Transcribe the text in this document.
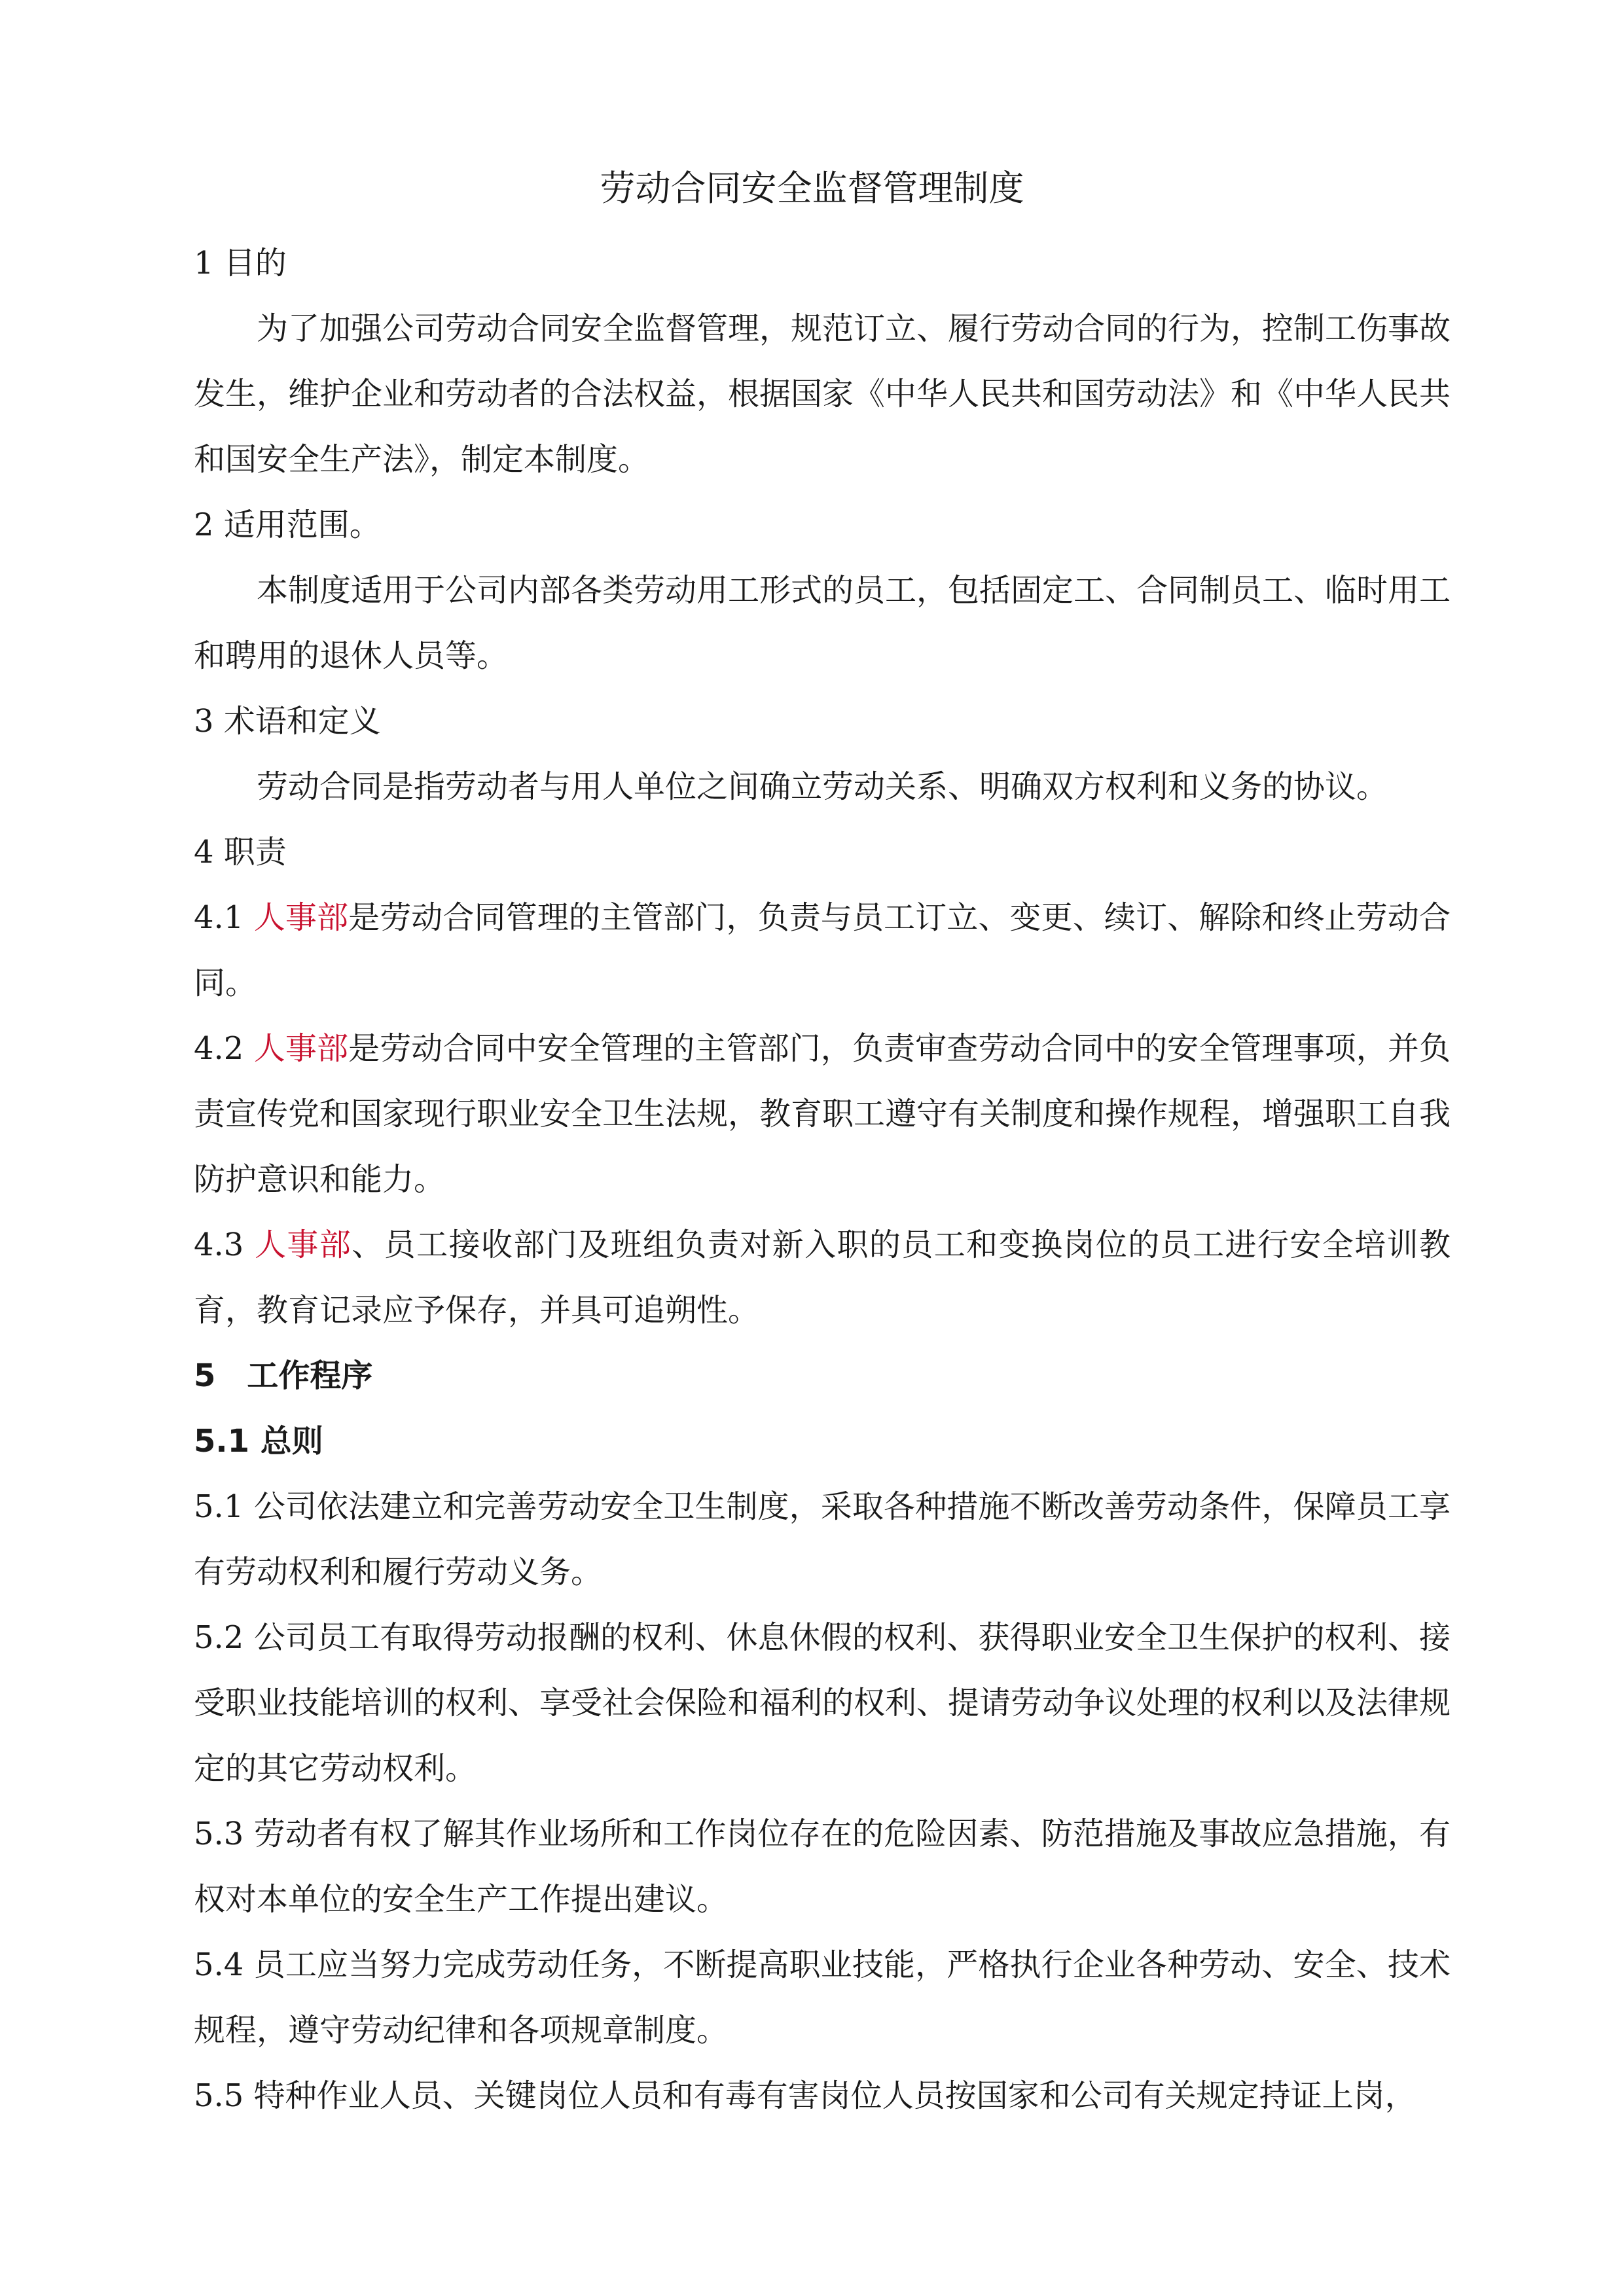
劳动合同安全监督管理制度

1 目的

为了加强公司劳动合同安全监督管理，规范订立、履行劳动合同的行为，控制工伤事故发生，维护企业和劳动者的合法权益，根据国家《中华人民共和国劳动法》和《中华人民共和国安全生产法》，制定本制度。

2 适用范围。

本制度适用于公司内部各类劳动用工形式的员工，包括固定工、合同制员工、临时用工和聘用的退休人员等。

3 术语和定义

劳动合同是指劳动者与用人单位之间确立劳动关系、明确双方权利和义务的协议。

4 职责

4.1 人事部是劳动合同管理的主管部门，负责与员工订立、变更、续订、解除和终止劳动合同。

4.2 人事部是劳动合同中安全管理的主管部门，负责审查劳动合同中的安全管理事项，并负责宣传党和国家现行职业安全卫生法规，教育职工遵守有关制度和操作规程，增强职工自我防护意识和能力。

4.3 人事部、员工接收部门及班组负责对新入职的员工和变换岗位的员工进行安全培训教育，教育记录应予保存，并具可追朔性。

5　工作程序

5.1 总则

5.1 公司依法建立和完善劳动安全卫生制度，采取各种措施不断改善劳动条件，保障员工享有劳动权利和履行劳动义务。

5.2 公司员工有取得劳动报酬的权利、休息休假的权利、获得职业安全卫生保护的权利、接受职业技能培训的权利、享受社会保险和福利的权利、提请劳动争议处理的权利以及法律规定的其它劳动权利。

5.3 劳动者有权了解其作业场所和工作岗位存在的危险因素、防范措施及事故应急措施，有权对本单位的安全生产工作提出建议。

5.4 员工应当努力完成劳动任务，不断提高职业技能，严格执行企业各种劳动、安全、技术规程，遵守劳动纪律和各项规章制度。

5.5 特种作业人员、关键岗位人员和有毒有害岗位人员按国家和公司有关规定持证上岗，
